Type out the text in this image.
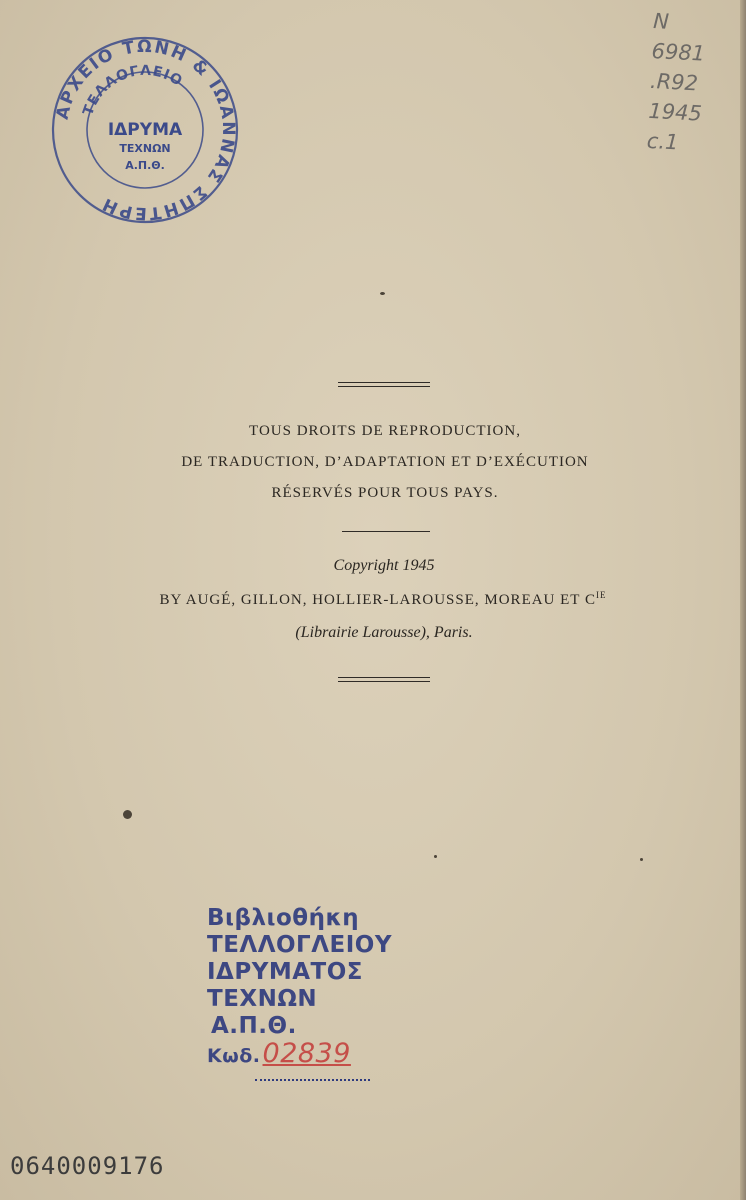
ΑΡΧΕΙΟ ΤΩΝΗ & ΙΩΑΝΝΑΣ ΣΠΗΤΕΡΗ
ΤΕΛΛΟΓΛΕΙΟ
ΙΔΡΥΜΑ
ΤΕΧΝΩΝ
Α.Π.Θ.
N
6981
.R92
1945
c.1
TOUS DROITS DE REPRODUCTION,
DE TRADUCTION, D’ADAPTATION ET D’EXÉCUTION
RÉSERVÉS POUR TOUS PAYS.
Copyright 1945
BY AUGÉ, GILLON, HOLLIER-LAROUSSE, MOREAU ET $C^{IE}$
(Librairie Larousse), Paris.
Βιβλιοθήκη
ΤΕΛΛΟΓΛΕΙΟΥ
ΙΔΡΥΜΑΤΟΣ
ΤΕΧΝΩΝ
Α.Π.Θ.
Κωδ.02839
0640009176
